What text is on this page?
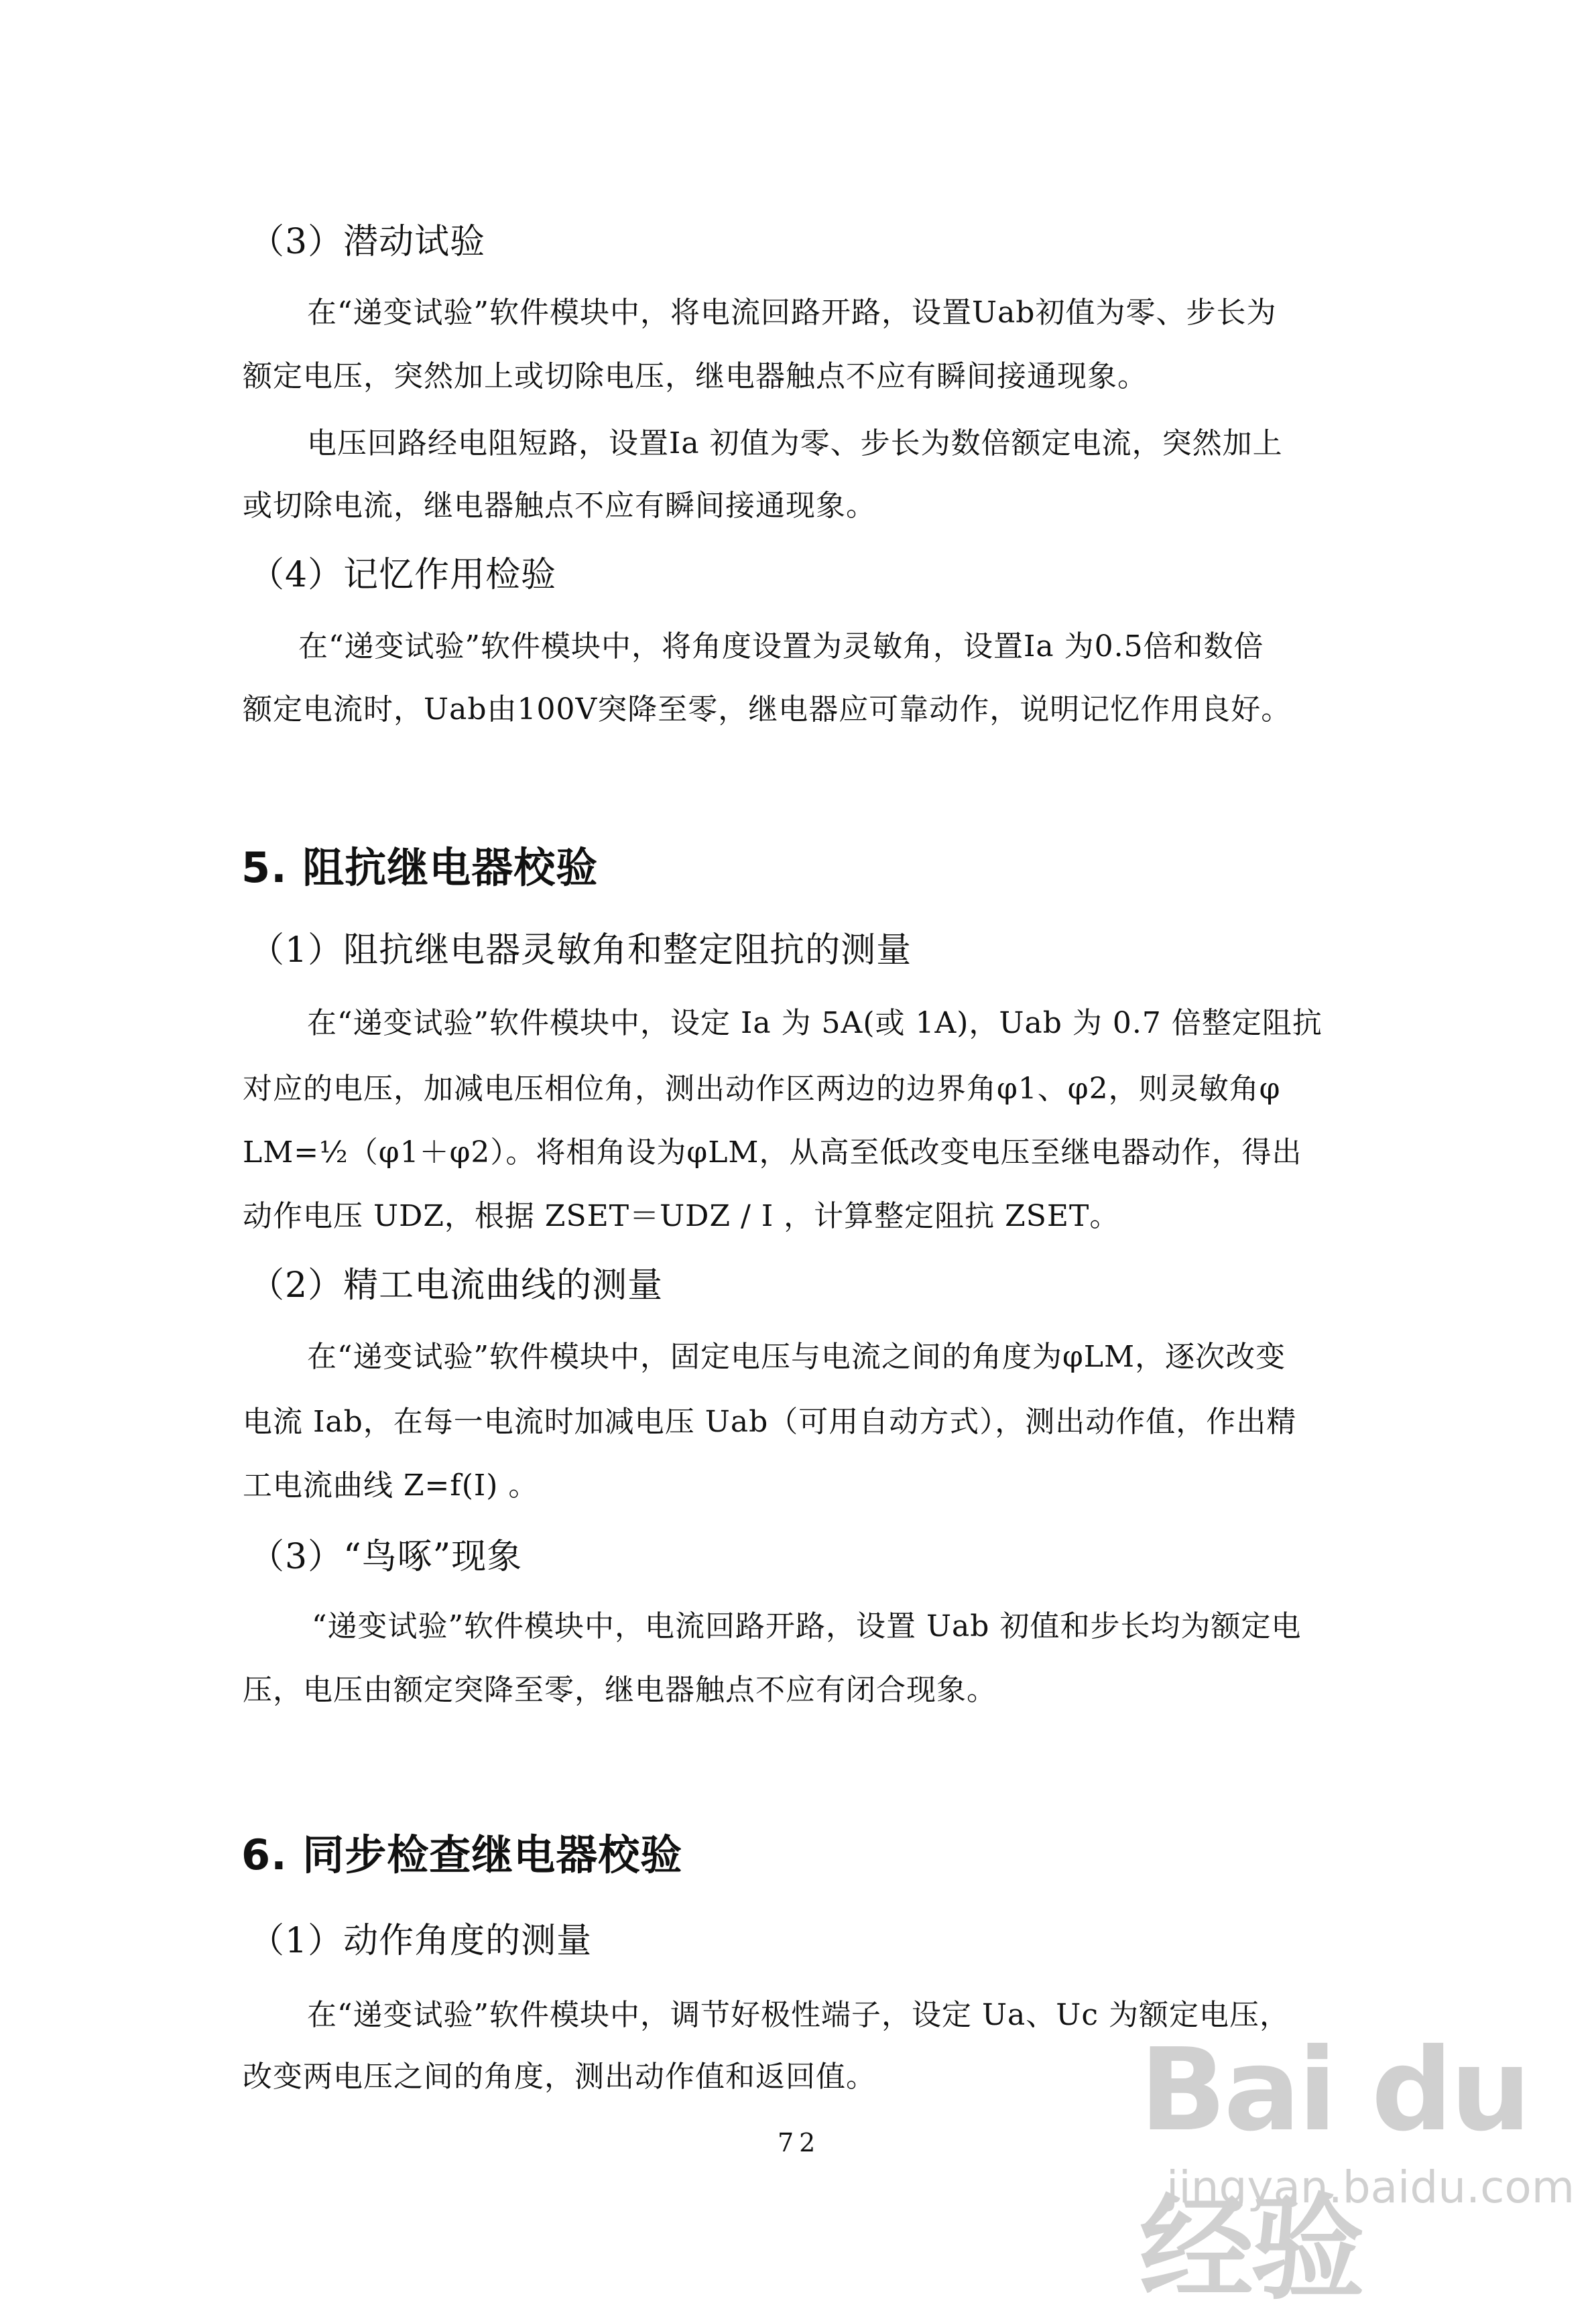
（3）潜动试验
在“递变试验”软件模块中，将电流回路开路，设置Uab初值为零、步长为
额定电压，突然加上或切除电压，继电器触点不应有瞬间接通现象。
电压回路经电阻短路，设置Ia 初值为零、步长为数倍额定电流，突然加上
或切除电流，继电器触点不应有瞬间接通现象。
（4）记忆作用检验
在“递变试验”软件模块中，将角度设置为灵敏角，设置Ia 为0.5倍和数倍
额定电流时，Uab由100V突降至零，继电器应可靠动作，说明记忆作用良好。
5. 阻抗继电器校验
（1）阻抗继电器灵敏角和整定阻抗的测量
在“递变试验”软件模块中，设定 Ia 为 5A(或 1A)，Uab 为 0.7 倍整定阻抗
对应的电压，加减电压相位角，测出动作区两边的边界角φ1、φ2，则灵敏角φ
LM=½（φ1＋φ2）。将相角设为φLM，从高至低改变电压至继电器动作，得出
动作电压 UDZ，根据 ZSET＝UDZ / I ，计算整定阻抗 ZSET。
（2）精工电流曲线的测量
在“递变试验”软件模块中，固定电压与电流之间的角度为φLM，逐次改变
电流 Iab，在每一电流时加减电压 Uab（可用自动方式），测出动作值，作出精
工电流曲线 Z=f(I) 。
（3）“鸟啄”现象
“递变试验”软件模块中，电流回路开路，设置 Uab 初值和步长均为额定电
压，电压由额定突降至零，继电器触点不应有闭合现象。
6. 同步检查继电器校验
（1）动作角度的测量
在“递变试验”软件模块中，调节好极性端子，设定 Ua、Uc 为额定电压，
改变两电压之间的角度，测出动作值和返回值。
72	Bai du 经验
jingyan.baidu.com
